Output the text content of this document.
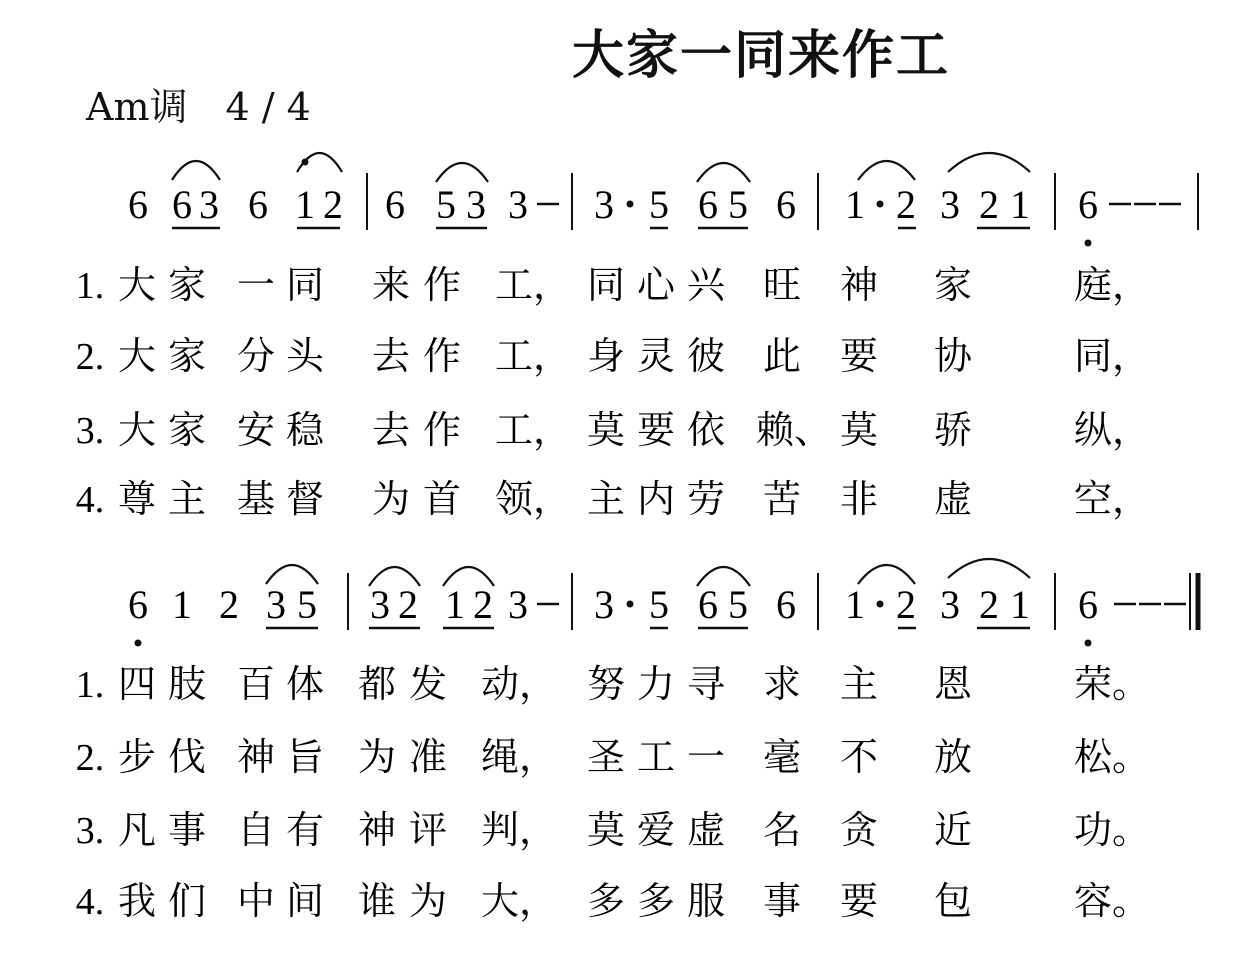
大家一同来作工
Am调　4 / 4
6 6 3 6 1 2 6 5 3 3 3 5 6 5 6 1 2 3 2 1 6
1. 大 家 一 同 来 作 工， 同 心 兴 旺 神 家	庭，
2. 大 家 分 头 去 作 工， 身 灵 彼 此 要 协	同，
3. 大 家 安 稳 去 作 工， 莫 要 依 赖、 莫 骄	纵，
4. 尊 主 基 督 为 首 领， 主 内 劳 苦 非 虚	空，
6 1 2 3 5 3 2 1 2 3 3 5 6 5 6 1 2 3 2 1 6
1. 四 肢 百 体 都 发 动， 努 力 寻 求 主 恩	荣。
2. 步 伐 神 旨 为 准 绳， 圣 工 一 毫 不 放	松。
3. 凡 事 自 有 神 评 判， 莫 爱 虚 名 贪 近	功。
4. 我 们 中 间 谁 为 大， 多 多 服 事 要 包	容。
